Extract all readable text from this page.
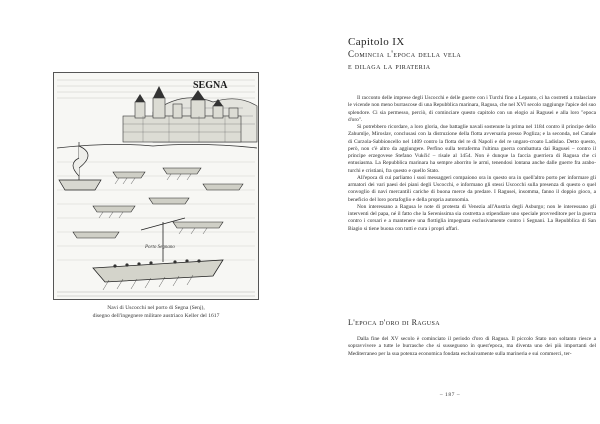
SEGNA
Porto Segnano
Navi di Uscocchi nel porto di Segna (Senj),
disegno dell'ingegnere militare austriaco Keller del 1617
Capitolo IX
Comincia l'epoca della vela
e dilaga la pirateria

Il racconto delle imprese degli Uscocchi e delle guerre con i Turchi fino a Lepanto, ci ha costretti a tralasciare le vicende non meno burrascose di una Repubblica marinara, Ragusa, che nel XVI secolo raggiunge l'apice del suo splendore. Ci sia permesso, perciò, di cominciare questo capitolo con un elogio ai Ragusei e alla loro "epoca d'oro".

Si potrebbero ricordare, a loro gloria, due battaglie navali sostenute la prima nel 1184 contro il principe dello Zahumlje, Miroslav, conclusasi con la distruzione della flotta avversaria presso Pogliza; e la seconda, nel Canale di Curzola-Sabbioncello nel 1409 contro la flotta del re di Napoli e del re ungaro-croato Ladislao. Detto questo, però, non c'è altro da aggiungere. Perfino sulla terraferma l'ultima guerra combattuta dai Ragusei – contro il principe erzegovese Stefano Vukčić – risale al 1454. Non è dunque la faccia guerriera di Ragusa che ci entusiasma. La Repubblica marinara ha sempre aborrito le armi, tenendosi lontana anche dalle guerre fra arabo-turchi e cristiani, fra questo e quello Stato.

All'epoca di cui parliamo i suoi messaggeri compaiono ora in questo ora in quell'altro porto per informare gli armatori dei vari paesi dei piani degli Uscocchi, e informano gli stessi Uscocchi sulla presenza di questo o quel convoglio di navi mercantili cariche di buona merce da predare. I Ragusei, insomma, fanno il doppio gioco, a beneficio del loro portafoglio e della propria autonomia.

Non interessano a Ragusa le note di protesta di Venezia all'Austria degli Asburgo; non le interessano gli interventi del papa, né il fatto che la Serenissima sia costretta a stipendiare uno speciale provveditore per la guerra contro i corsari e a mantenere una flottiglia impegnata esclusivamente contro i Segnani. La Repubblica di San Biagio si tiene buona con tutti e cura i propri affari.

L'epoca d'oro di Ragusa

Dalla fine del XV secolo è cominciato il periodo d'oro di Ragusa. Il piccolo Stato non soltanto riesce a sopravvivere a tutte le burrasche che si susseguono in quest'epoca, ma diventa uno dei più importanti del Mediterraneo per la sua potenza economica fondata esclusivamente sulla marineria e sui commerci, ter-

– 187 –
